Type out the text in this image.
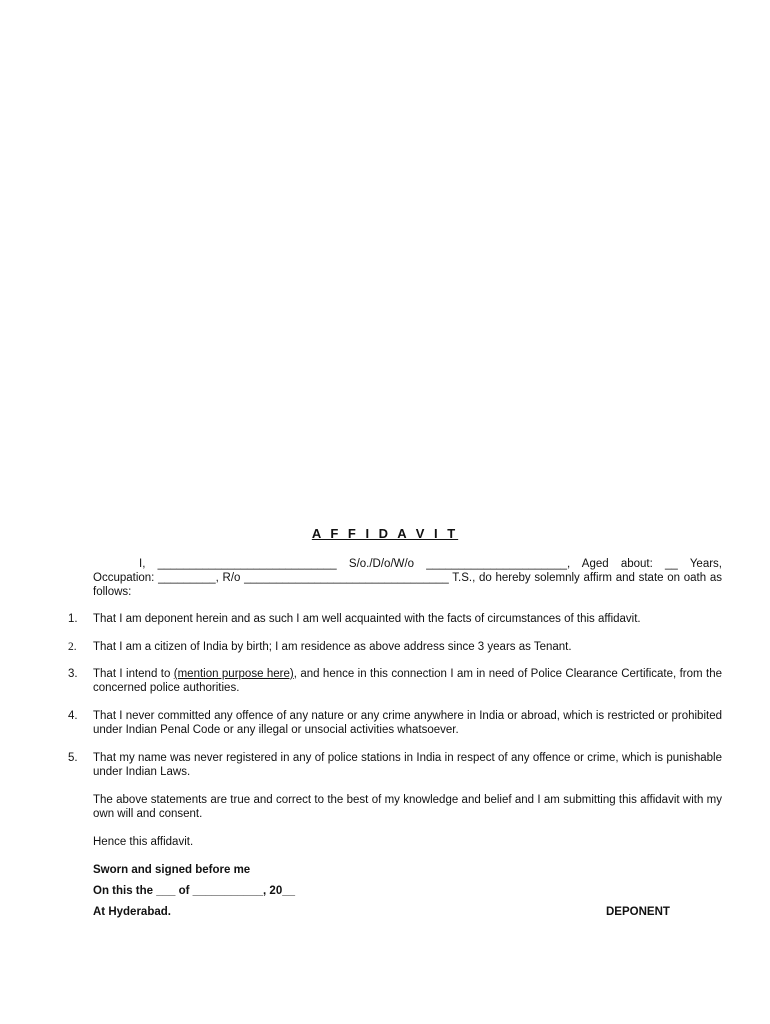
A F F I D A V I T
I, ____________________________ S/o./D/o/W/o ______________________, Aged about: __ Years, Occupation: _________, R/o ________________________________ T.S., do hereby solemnly affirm and state on oath as follows:
1.	That I am deponent herein and as such I am well acquainted with the facts of circumstances of this affidavit.
2.	That I am a citizen of India by birth; I am residence as above address since 3 years as Tenant.
3.	That I intend to (mention purpose here), and hence in this connection I am in need of Police Clearance Certificate, from the concerned police authorities.
4.	That I never committed any offence of any nature or any crime anywhere in India or abroad, which is restricted or prohibited under Indian Penal Code or any illegal or unsocial activities whatsoever.
5.	That my name was never registered in any of police stations in India in respect of any offence or crime, which is punishable under Indian Laws.
The above statements are true and correct to the best of my knowledge and belief and I am submitting this affidavit with my own will and consent.
Hence this affidavit.
Sworn and signed before me
On this the ___ of ___________, 20__
At Hyderabad.	DEPONENT
